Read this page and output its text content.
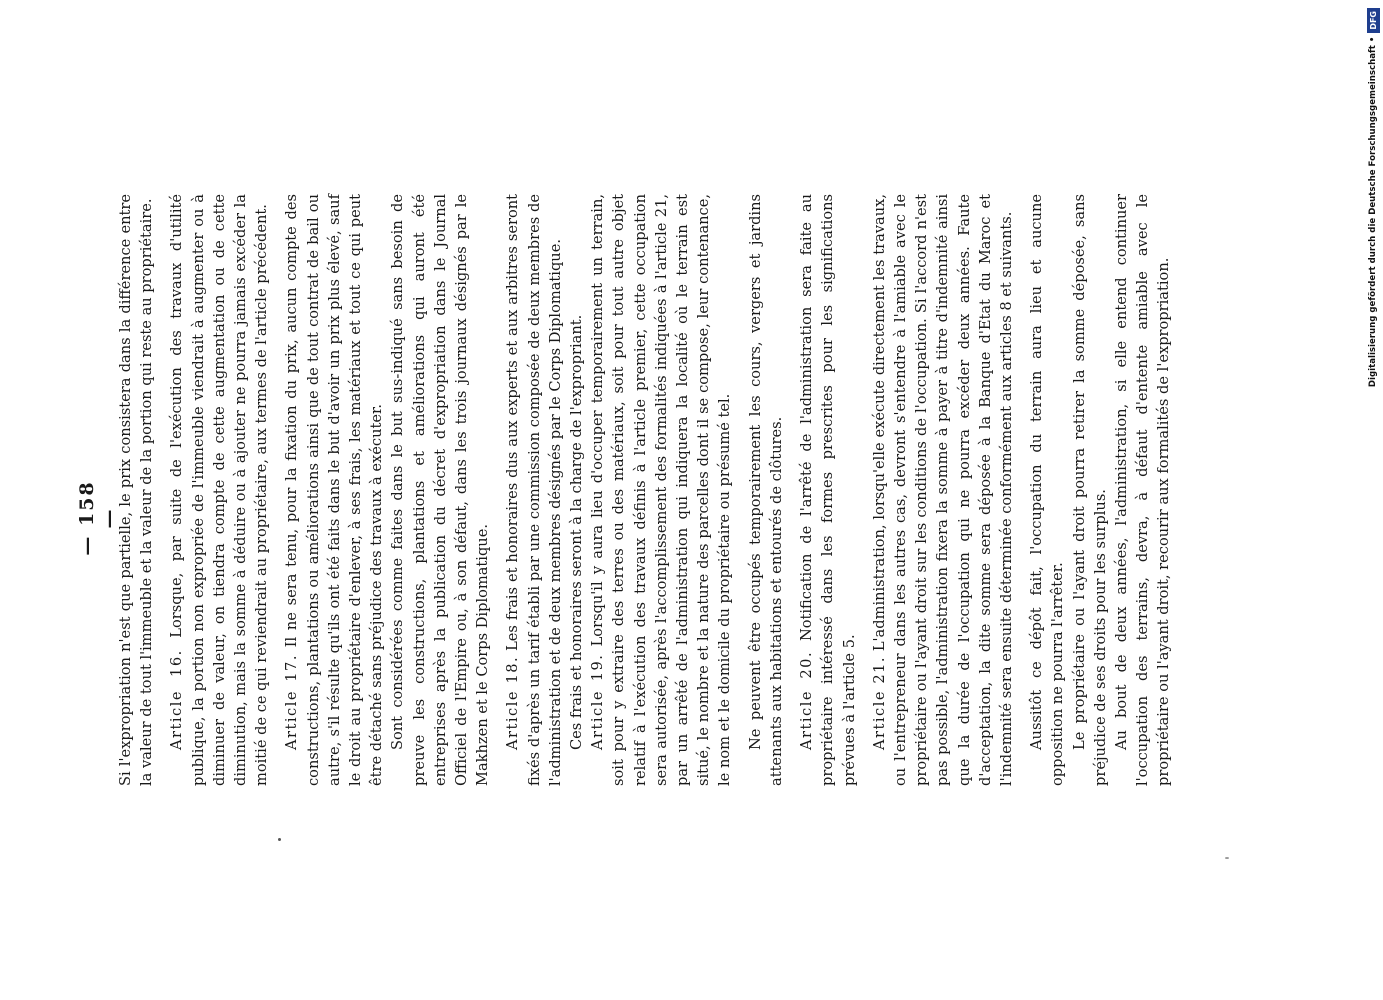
— 158 —

Si l'expropriation n'est que partielle, le prix consistera dans la différence entre la valeur de tout l'immeuble et la valeur de la portion qui reste au propriétaire. Article 16. Lorsque, par suite de l'exécution des travaux d'utilité publique, la portion non expropriée de l'immeuble viendrait à augmenter ou à diminuer de valeur, on tiendra compte de cette augmentation ou de cette diminution, mais la somme à déduire ou à ajouter ne pourra jamais excéder la moitié de ce qui reviendrait au propriétaire, aux termes de l'article précédent. Article 17. Il ne sera tenu, pour la fixation du prix, aucun compte des constructions, plantations ou améliorations ainsi que de tout contrat de bail ou autre, s'il résulte qu'ils ont été faits dans le but d'avoir un prix plus élevé, sauf le droit au propriétaire d'enlever, à ses frais, les matériaux et tout ce qui peut être détaché sans préjudice des travaux à exécuter. Sont considérées comme faites dans le but sus-indiqué sans besoin de preuve les constructions, plantations et améliorations qui auront été entreprises après la publication du décret d'expropriation dans le Journal Officiel de l'Empire ou, à son défaut, dans les trois journaux désignés par le Makhzen et le Corps Diplomatique. Article 18. Les frais et honoraires dus aux experts et aux arbitres seront fixés d'après un tarif établi par une commission composée de deux membres de l'administration et de deux membres désignés par le Corps Diplomatique. Ces frais et honoraires seront à la charge de l'expropriant. Article 19. Lorsqu'il y aura lieu d'occuper temporairement un terrain, soit pour y extraire des terres ou des matériaux, soit pour tout autre objet relatif à l'exécution des travaux définis à l'article premier, cette occupation sera autorisée, après l'accomplissement des formalités indiquées à l'article 21, par un arrêté de l'administration qui indiquera la localité où le terrain est situé, le nombre et la nature des parcelles dont il se compose, leur contenance, le nom et le domicile du propriétaire ou présumé tel. Ne peuvent être occupés temporairement les cours, vergers et jardins attenants aux habitations et entourés de clôtures. Article 20. Notification de l'arrêté de l'administration sera faite au propriétaire intéressé dans les formes prescrites pour les significations prévues à l'article 5. Article 21. L'administration, lorsqu'elle exécute directement les travaux, ou l'entrepreneur dans les autres cas, devront s'entendre à l'amiable avec le propriétaire ou l'ayant droit sur les conditions de l'occupation. Si l'accord n'est pas possible, l'administration fixera la somme à payer à titre d'indemnité ainsi que la durée de l'occupation qui ne pourra excéder deux années. Faute d'acceptation, la dite somme sera déposée à la Banque d'Etat du Maroc et l'indemnité sera ensuite déterminée conformément aux articles 8 et suivants. Aussitôt ce dépôt fait, l'occupation du terrain aura lieu et aucune opposition ne pourra l'arrêter. Le propriétaire ou l'ayant droit pourra retirer la somme déposée, sans préjudice de ses droits pour les surplus. Au bout de deux années, l'administration, si elle entend continuer l'occupation des terrains, devra, à défaut d'entente amiable avec le propriétaire ou l'ayant droit, recourir aux formalités de l'expropriation.

DFG
Digitalisierung gefördert durch die Deutsche Forschungsgemeinschaft •
